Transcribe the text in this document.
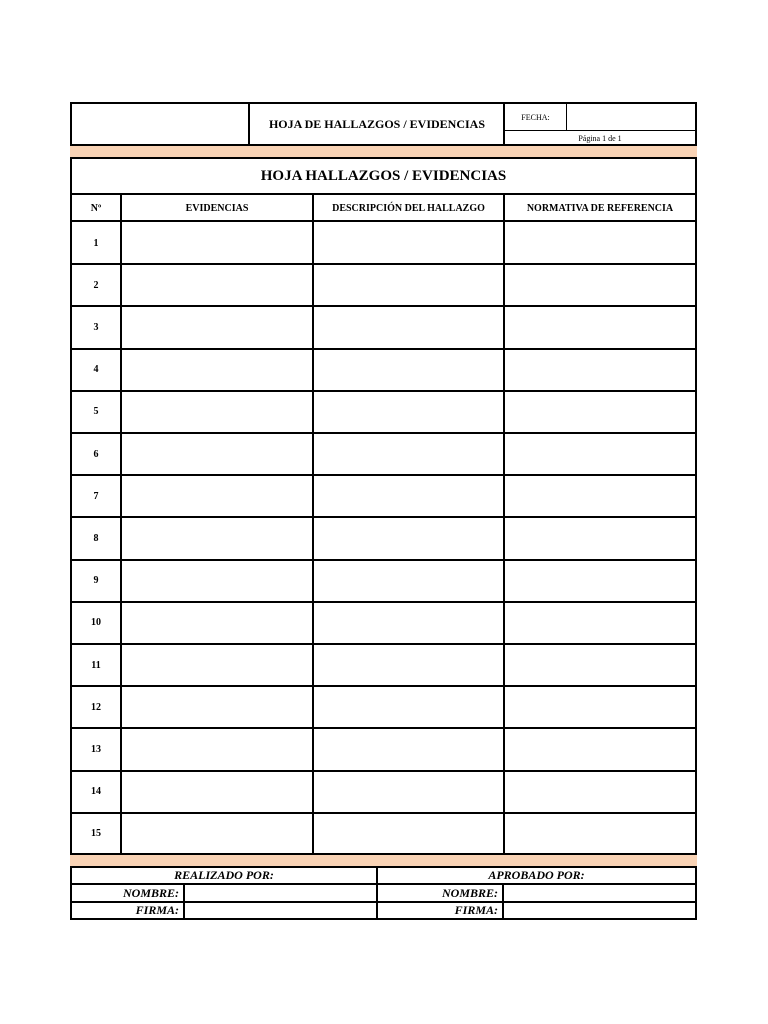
HOJA DE HALLAZGOS / EVIDENCIAS	FECHA:
Página 1 de 1
HOJA HALLAZGOS / EVIDENCIAS
Nº	EVIDENCIAS	DESCRIPCIÓN DEL HALLAZGO	NORMATIVA DE REFERENCIA
1
2
3
4
5
6
7
8
9
10
11
12
13
14
15
REALIZADO POR:	APROBADO POR:
NOMBRE:
FIRMA:
NOMBRE:
FIRMA:
